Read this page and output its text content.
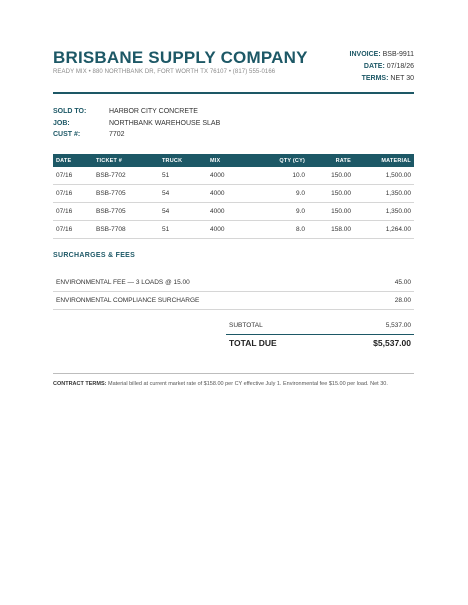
BRISBANE SUPPLY COMPANY
READY MIX • 880 NORTHBANK DR, FORT WORTH TX 76107 • (817) 555-0166
INVOICE: BSB-9911
DATE: 07/18/26
TERMS: NET 30
SOLD TO:	HARBOR CITY CONCRETE
JOB:	NORTHBANK WAREHOUSE SLAB
CUST #:	7702
DATE	TICKET #	TRUCK	MIX	QTY (CY)	RATE	MATERIAL
07/16	BSB-7702	51	4000	10.0	150.00	1,500.00
07/16	BSB-7705	54	4000	9.0	150.00	1,350.00
07/16	BSB-7705	54	4000	9.0	150.00	1,350.00
07/16	BSB-7708	51	4000	8.0	158.00	1,264.00
SURCHARGES & FEES
ENVIRONMENTAL FEE — 3 LOADS @ 15.00	45.00
ENVIRONMENTAL COMPLIANCE SURCHARGE	28.00
SUBTOTAL	5,537.00
TOTAL DUE	$5,537.00
CONTRACT TERMS: Material billed at current market rate of $158.00 per CY effective July 1. Environmental fee $15.00 per load. Net 30.
